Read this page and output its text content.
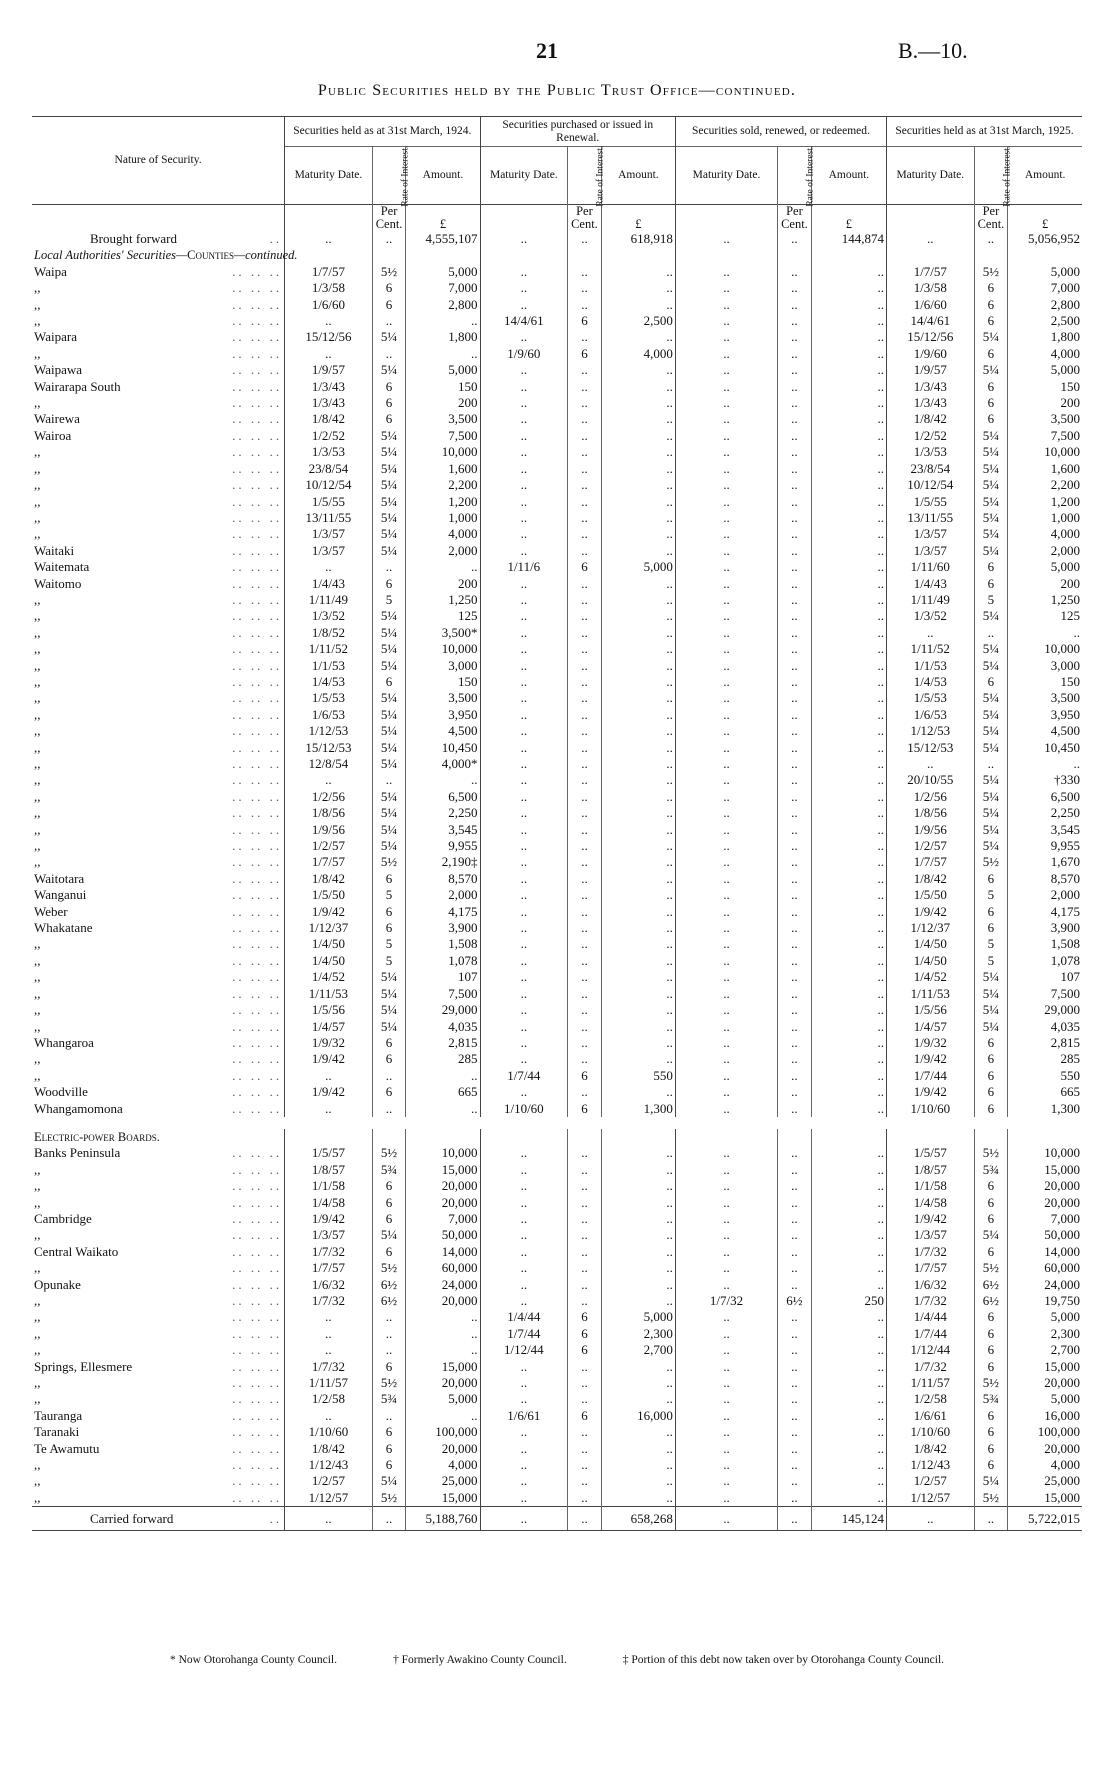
21	B.—10.
Public Securities held by the Public Trust Office—continued.
Nature of Security.	Securities held as at 31st March, 1924.			Securities purchased or issued in Renewal.			Securities sold, renewed, or redeemed.			Securities held as at 31st March, 1925.		
	Maturity Date.	Rate of Interest.	Amount.	Maturity Date.	Rate of Interest.	Amount.	Maturity Date.	Rate of Interest.	Amount.	Maturity Date.	Rate of Interest.	Amount.
		Per
Cent.	£		Per
Cent.	£		Per
Cent.	£		Per
Cent.	£

Brought forward ..	..	..	4,555,107	..	..	618,918	..	..	144,874	..	..	5,056,952
Local Authorities' Securities—Counties—continued.												

Waipa .. .. ..	1/7/57	5½	5,000	..	..	..	..	..	..	1/7/57	5½	5,000

,, .. .. ..	1/3/58	6	7,000	..	..	..	..	..	..	1/3/58	6	7,000

,, .. .. ..	1/6/60	6	2,800	..	..	..	..	..	..	1/6/60	6	2,800

,, .. .. ..	..	..	..	14/4/61	6	2,500	..	..	..	14/4/61	6	2,500

Waipara .. .. ..	15/12/56	5¼	1,800	..	..	..	..	..	..	15/12/56	5¼	1,800

,, .. .. ..	..	..	..	1/9/60	6	4,000	..	..	..	1/9/60	6	4,000

Waipawa .. .. ..	1/9/57	5¼	5,000	..	..	..	..	..	..	1/9/57	5¼	5,000

Wairarapa South .. .. ..	1/3/43	6	150	..	..	..	..	..	..	1/3/43	6	150

,, .. .. ..	1/3/43	6	200	..	..	..	..	..	..	1/3/43	6	200

Wairewa .. .. ..	1/8/42	6	3,500	..	..	..	..	..	..	1/8/42	6	3,500

Wairoa .. .. ..	1/2/52	5¼	7,500	..	..	..	..	..	..	1/2/52	5¼	7,500

,, .. .. ..	1/3/53	5¼	10,000	..	..	..	..	..	..	1/3/53	5¼	10,000

,, .. .. ..	23/8/54	5¼	1,600	..	..	..	..	..	..	23/8/54	5¼	1,600

,, .. .. ..	10/12/54	5¼	2,200	..	..	..	..	..	..	10/12/54	5¼	2,200

,, .. .. ..	1/5/55	5¼	1,200	..	..	..	..	..	..	1/5/55	5¼	1,200

,, .. .. ..	13/11/55	5¼	1,000	..	..	..	..	..	..	13/11/55	5¼	1,000

,, .. .. ..	1/3/57	5¼	4,000	..	..	..	..	..	..	1/3/57	5¼	4,000

Waitaki .. .. ..	1/3/57	5¼	2,000	..	..	..	..	..	..	1/3/57	5¼	2,000

Waitemata .. .. ..	..	..	..	1/11/6	6	5,000	..	..	..	1/11/60	6	5,000

Waitomo .. .. ..	1/4/43	6	200	..	..	..	..	..	..	1/4/43	6	200

,, .. .. ..	1/11/49	5	1,250	..	..	..	..	..	..	1/11/49	5	1,250

,, .. .. ..	1/3/52	5¼	125	..	..	..	..	..	..	1/3/52	5¼	125

,, .. .. ..	1/8/52	5¼	3,500*	..	..	..	..	..	..	..	..	..

,, .. .. ..	1/11/52	5¼	10,000	..	..	..	..	..	..	1/11/52	5¼	10,000

,, .. .. ..	1/1/53	5¼	3,000	..	..	..	..	..	..	1/1/53	5¼	3,000

,, .. .. ..	1/4/53	6	150	..	..	..	..	..	..	1/4/53	6	150

,, .. .. ..	1/5/53	5¼	3,500	..	..	..	..	..	..	1/5/53	5¼	3,500

,, .. .. ..	1/6/53	5¼	3,950	..	..	..	..	..	..	1/6/53	5¼	3,950

,, .. .. ..	1/12/53	5¼	4,500	..	..	..	..	..	..	1/12/53	5¼	4,500

,, .. .. ..	15/12/53	5¼	10,450	..	..	..	..	..	..	15/12/53	5¼	10,450

,, .. .. ..	12/8/54	5¼	4,000*	..	..	..	..	..	..	..	..	..

,, .. .. ..	..	..	..	..	..	..	..	..	..	20/10/55	5¼	†330

,, .. .. ..	1/2/56	5¼	6,500	..	..	..	..	..	..	1/2/56	5¼	6,500

,, .. .. ..	1/8/56	5¼	2,250	..	..	..	..	..	..	1/8/56	5¼	2,250

,, .. .. ..	1/9/56	5¼	3,545	..	..	..	..	..	..	1/9/56	5¼	3,545

,, .. .. ..	1/2/57	5¼	9,955	..	..	..	..	..	..	1/2/57	5¼	9,955

,, .. .. ..	1/7/57	5½	2,190‡	..	..	..	..	..	..	1/7/57	5½	1,670

Waitotara .. .. ..	1/8/42	6	8,570	..	..	..	..	..	..	1/8/42	6	8,570

Wanganui .. .. ..	1/5/50	5	2,000	..	..	..	..	..	..	1/5/50	5	2,000

Weber .. .. ..	1/9/42	6	4,175	..	..	..	..	..	..	1/9/42	6	4,175

Whakatane .. .. ..	1/12/37	6	3,900	..	..	..	..	..	..	1/12/37	6	3,900

,, .. .. ..	1/4/50	5	1,508	..	..	..	..	..	..	1/4/50	5	1,508

,, .. .. ..	1/4/50	5	1,078	..	..	..	..	..	..	1/4/50	5	1,078

,, .. .. ..	1/4/52	5¼	107	..	..	..	..	..	..	1/4/52	5¼	107

,, .. .. ..	1/11/53	5¼	7,500	..	..	..	..	..	..	1/11/53	5¼	7,500

,, .. .. ..	1/5/56	5¼	29,000	..	..	..	..	..	..	1/5/56	5¼	29,000

,, .. .. ..	1/4/57	5¼	4,035	..	..	..	..	..	..	1/4/57	5¼	4,035

Whangaroa .. .. ..	1/9/32	6	2,815	..	..	..	..	..	..	1/9/32	6	2,815

,, .. .. ..	1/9/42	6	285	..	..	..	..	..	..	1/9/42	6	285

,, .. .. ..	..	..	..	1/7/44	6	550	..	..	..	1/7/44	6	550

Woodville .. .. ..	1/9/42	6	665	..	..	..	..	..	..	1/9/42	6	665

Whangamomona .. .. ..	..	..	..	1/10/60	6	1,300	..	..	..	1/10/60	6	1,300

Electric-power Boards.												

Banks Peninsula .. .. ..	1/5/57	5½	10,000	..	..	..	..	..	..	1/5/57	5½	10,000

,, .. .. ..	1/8/57	5¾	15,000	..	..	..	..	..	..	1/8/57	5¾	15,000

,, .. .. ..	1/1/58	6	20,000	..	..	..	..	..	..	1/1/58	6	20,000

,, .. .. ..	1/4/58	6	20,000	..	..	..	..	..	..	1/4/58	6	20,000

Cambridge .. .. ..	1/9/42	6	7,000	..	..	..	..	..	..	1/9/42	6	7,000

,, .. .. ..	1/3/57	5¼	50,000	..	..	..	..	..	..	1/3/57	5¼	50,000

Central Waikato .. .. ..	1/7/32	6	14,000	..	..	..	..	..	..	1/7/32	6	14,000

,, .. .. ..	1/7/57	5½	60,000	..	..	..	..	..	..	1/7/57	5½	60,000

Opunake .. .. ..	1/6/32	6½	24,000	..	..	..	..	..	..	1/6/32	6½	24,000

,, .. .. ..	1/7/32	6½	20,000	..	..	..	1/7/32	6½	250	1/7/32	6½	19,750

,, .. .. ..	..	..	..	1/4/44	6	5,000	..	..	..	1/4/44	6	5,000

,, .. .. ..	..	..	..	1/7/44	6	2,300	..	..	..	1/7/44	6	2,300

,, .. .. ..	..	..	..	1/12/44	6	2,700	..	..	..	1/12/44	6	2,700

Springs, Ellesmere .. .. ..	1/7/32	6	15,000	..	..	..	..	..	..	1/7/32	6	15,000

,, .. .. ..	1/11/57	5½	20,000	..	..	..	..	..	..	1/11/57	5½	20,000

,, .. .. ..	1/2/58	5¾	5,000	..	..	..	..	..	..	1/2/58	5¾	5,000

Tauranga .. .. ..	..	..	..	1/6/61	6	16,000	..	..	..	1/6/61	6	16,000

Taranaki .. .. ..	1/10/60	6	100,000	..	..	..	..	..	..	1/10/60	6	100,000

Te Awamutu .. .. ..	1/8/42	6	20,000	..	..	..	..	..	..	1/8/42	6	20,000

,, .. .. ..	1/12/43	6	4,000	..	..	..	..	..	..	1/12/43	6	4,000

,, .. .. ..	1/2/57	5¼	25,000	..	..	..	..	..	..	1/2/57	5¼	25,000

,, .. .. ..	1/12/57	5½	15,000	..	..	..	..	..	..	1/12/57	5½	15,000

Carried forward ..	..	..	5,188,760	..	..	658,268	..	..	145,124	..	..	5,722,015
* Now Otorohanga County Council.	† Formerly Awakino County Council.	‡ Portion of this debt now taken over by Otorohanga County Council.
